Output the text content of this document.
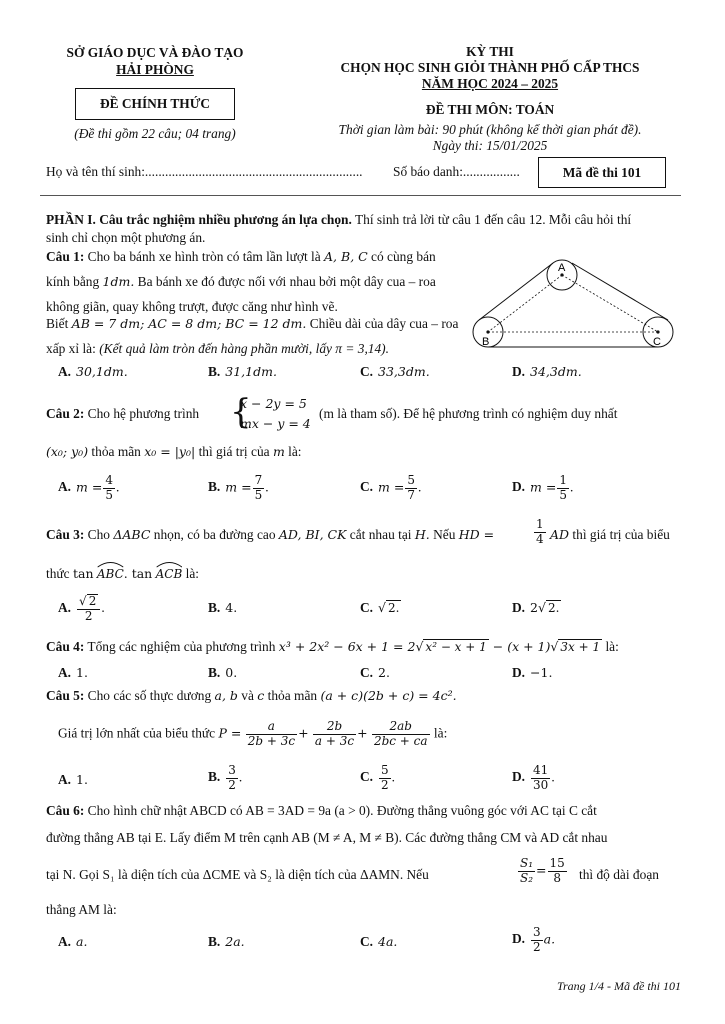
SỞ GIÁO DỤC VÀ ĐÀO TẠO
HẢI PHÒNG
ĐỀ CHÍNH THỨC
(Đề thi gồm 22 câu; 04 trang)
KỲ THI
CHỌN HỌC SINH GIỎI THÀNH PHỐ CẤP THCS
NĂM HỌC 2024 – 2025
ĐỀ THI MÔN: TOÁN
Thời gian làm bài: 90 phút (không kể thời gian phát đề).
Ngày thi: 15/01/2025
Họ và tên thí sinh:................................................................. Số báo danh:.................	Mã đề thi 101
PHẦN I. Câu trắc nghiệm nhiều phương án lựa chọn. Thí sinh trả lời từ câu 1 đến câu 12. Mỗi câu hỏi thí
sinh chỉ chọn một phương án.
Câu 1: Cho ba bánh xe hình tròn có tâm lần lượt là A, B, C có cùng bán
kính bằng 1dm. Ba bánh xe đó được nối với nhau bởi một dây cua – roa
không giãn, quay không trượt, được căng như hình vẽ.
Biết AB = 7 dm; AC = 8 dm; BC = 12 dm. Chiều dài của dây cua – roa
xấp xỉ là: (Kết quả làm tròn đến hàng phần mười, lấy π = 3,14).
A
B	C
A. 30,1dm.	B. 31,1dm.	C. 33,3dm.	D. 34,3dm.
Câu 2: Cho hệ phương trình {
x − 2y = 5
mx − y = 4
(m là tham số). Để hệ phương trình có nghiệm duy nhất
(x₀; y₀) thỏa mãn x₀ = |y₀| thì giá trị của m là:
A. $m = \frac{4}{5}$ .	B. $m = \frac{7}{5}$ .	C. $m = \frac{5}{7}$ .	D. $m = \frac{1}{5}$ .
Câu 3: Cho ΔABC nhọn, có ba đường cao AD, BI, CK cắt nhau tại H. Nếu HD =	$\frac{1}{4}$ AD thì giá trị của biểu
thức tan ABC. tan ACB là:
A. $\frac{√ 2}{2}$ .	B. 4.	C. √ 2.	D. 2√ 2.
Câu 4: Tổng các nghiệm của phương trình x³ + 2x² − 6x + 1 = 2√ x² − x + 1 − (x + 1)√ 3x + 1 là:
A. 1.	B. 0.	C. 2.	D. −1.
Câu 5: Cho các số thực dương a, b và c thỏa mãn (a + c)(2b + c) = 4c².
Giá trị lớn nhất của biểu thức $P = \frac{a}{2b + 3c} + \frac{2b}{a + 3c} + \frac{2ab}{2bc + ca}$ là:
A. 1.	B. $\frac{3}{2}$ .	C. $\frac{5}{2}$ .	D. $\frac{41}{30}$ .
Câu 6: Cho hình chữ nhật ABCD có AB = 3AD = 9a (a > 0). Đường thẳng vuông góc với AC tại C cắt
đường thẳng AB tại E. Lấy điểm M trên cạnh AB (M ≠ A, M ≠ B). Các đường thẳng CM và AD cắt nhau
tại N. Gọi S₁ là diện tích của ΔCME và S₂ là diện tích của ΔAMN. Nếu	$\frac{\text{S₁}}{\text{S₂}} = \frac{15}{8}$ thì độ dài đoạn
thẳng AM là:
A. a.	B. 2a.	C. 4a.	D. $\frac{3}{2} a$.
Trang 1/4 - Mã đề thi 101
